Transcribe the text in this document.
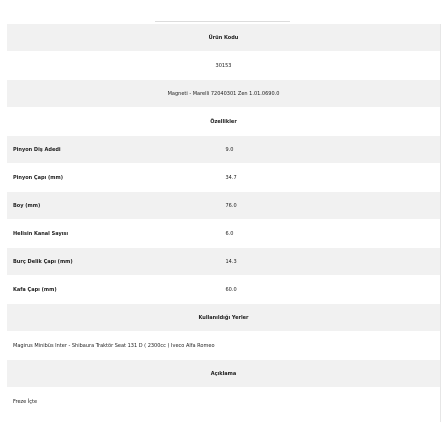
Ürün Kodu	
30153	
Magneti - Marelli 72040301 Zen 1.01.0690.0	
Özellikler	
Pinyon Diş Adedi	9.0
Pinyon Çapı (mm)	34.7
Boy (mm)	76.0
Helisin Kanal Sayısı	6.0
Burç Delik Çapı (mm)	14.3
Kafa Çapı (mm)	60.0
Kullanıldığı Yerler	
Magirus Minibüs Inter - Shibaura Traktör Seat 131 D ( 2300cc ) Iveco Alfa Romeo	
Açıklama	
Freze İçte	
